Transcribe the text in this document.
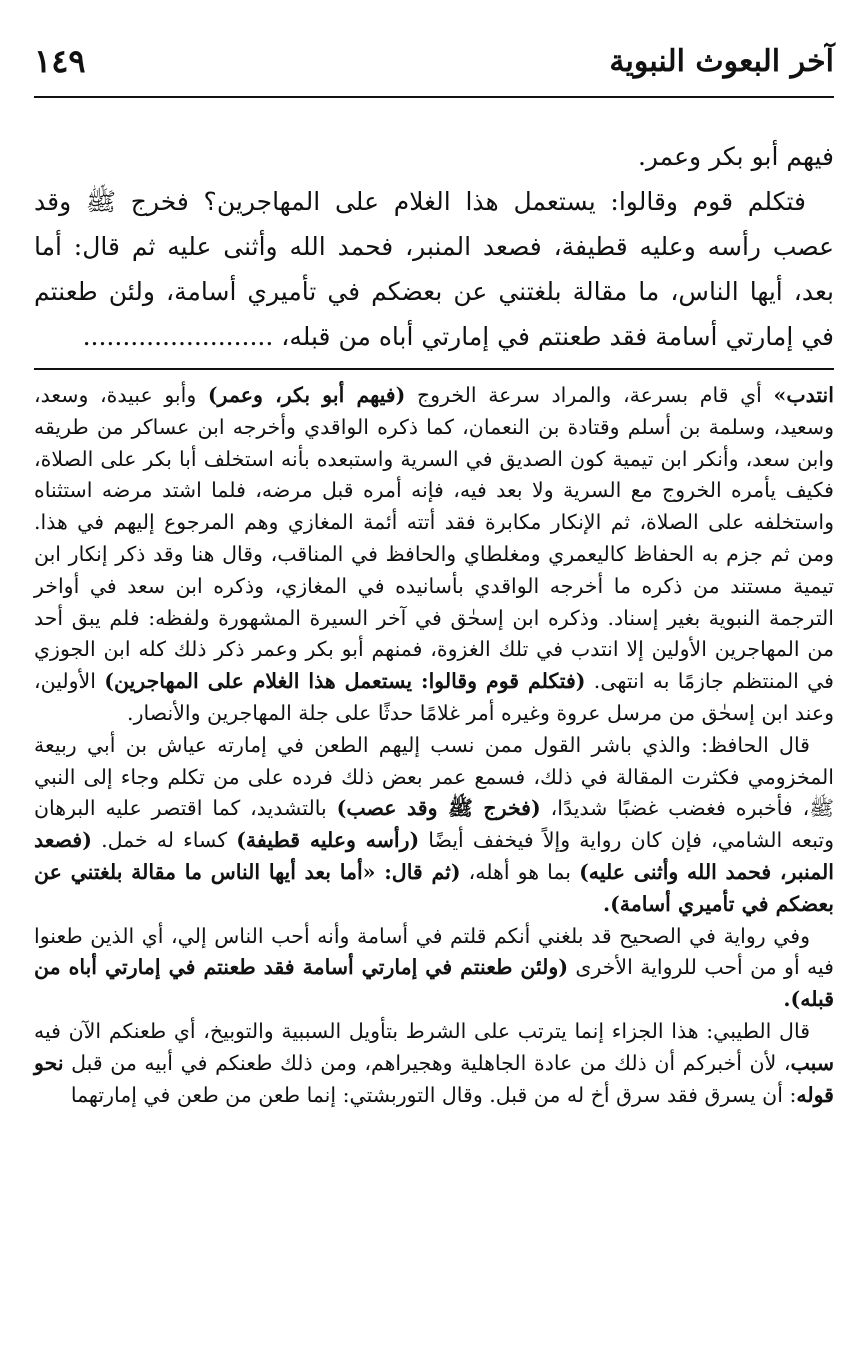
آخر البعوث النبوية
١٤٩

فيهم أبو بكر وعمر.

فتكلم قوم وقالوا: يستعمل هذا الغلام على المهاجرين؟ فخرج ﷺ وقد عصب رأسه وعليه قطيفة، فصعد المنبر، فحمد الله وأثنى عليه ثم قال: أما بعد، أيها الناس، ما مقالة بلغتني عن بعضكم في تأميري أسامة، ولئن طعنتم في إمارتي أسامة فقد طعنتم في إمارتي أباه من قبله، ........................

انتدب» أي قام بسرعة، والمراد سرعة الخروج (فيهم أبو بكر، وعمر) وأبو عبيدة، وسعد، وسعيد، وسلمة بن أسلم وقتادة بن النعمان، كما ذكره الواقدي وأخرجه ابن عساكر من طريقه وابن سعد، وأنكر ابن تيمية كون الصديق في السرية واستبعده بأنه استخلف أبا بكر على الصلاة، فكيف يأمره الخروج مع السرية ولا بعد فيه، فإنه أمره قبل مرضه، فلما اشتد مرضه استثناه واستخلفه على الصلاة، ثم الإنكار مكابرة فقد أتته أئمة المغازي وهم المرجوع إليهم في هذا. ومن ثم جزم به الحفاظ كاليعمري ومغلطاي والحافظ في المناقب، وقال هنا وقد ذكر إنكار ابن تيمية مستند من ذكره ما أخرجه الواقدي بأسانيده في المغازي، وذكره ابن سعد في أواخر الترجمة النبوية بغير إسناد. وذكره ابن إسحٰق في آخر السيرة المشهورة ولفظه: فلم يبق أحد من المهاجرين الأولين إلا انتدب في تلك الغزوة، فمنهم أبو بكر وعمر ذكر ذلك كله ابن الجوزي في المنتظم جازمًا به انتهى. (فتكلم قوم وقالوا: يستعمل هذا الغلام على المهاجرين) الأولين، وعند ابن إسحٰق من مرسل عروة وغيره أمر غلامًا حدثًا على جلة المهاجرين والأنصار.

قال الحافظ: والذي باشر القول ممن نسب إليهم الطعن في إمارته عياش بن أبي ربيعة المخزومي فكثرت المقالة في ذلك، فسمع عمر بعض ذلك فرده على من تكلم وجاء إلى النبي ﷺ، فأخبره فغضب غضبًا شديدًا، (فخرج ﷺ وقد عصب) بالتشديد، كما اقتصر عليه البرهان وتبعه الشامي، فإن كان رواية وإلاً فيخفف أيضًا (رأسه وعليه قطيفة) كساء له خمل. (فصعد المنبر، فحمد الله وأثنى عليه) بما هو أهله، (ثم قال: «أما بعد أيها الناس ما مقالة بلغتني عن بعضكم في تأميري أسامة).

وفي رواية في الصحيح قد بلغني أنكم قلتم في أسامة وأنه أحب الناس إلي، أي الذين طعنوا فيه أو من أحب للرواية الأخرى (ولئن طعنتم في إمارتي أسامة فقد طعنتم في إمارتي أباه من قبله).

قال الطيبي: هذا الجزاء إنما يترتب على الشرط بتأويل السببية والتوبيخ، أي طعنكم الآن فيه سبب، لأن أخبركم أن ذلك من عادة الجاهلية وهجيراهم، ومن ذلك طعنكم في أبيه من قبل نحو قوله: أن يسرق فقد سرق أخ له من قبل. وقال التوربشتي: إنما طعن من طعن في إمارتهما
